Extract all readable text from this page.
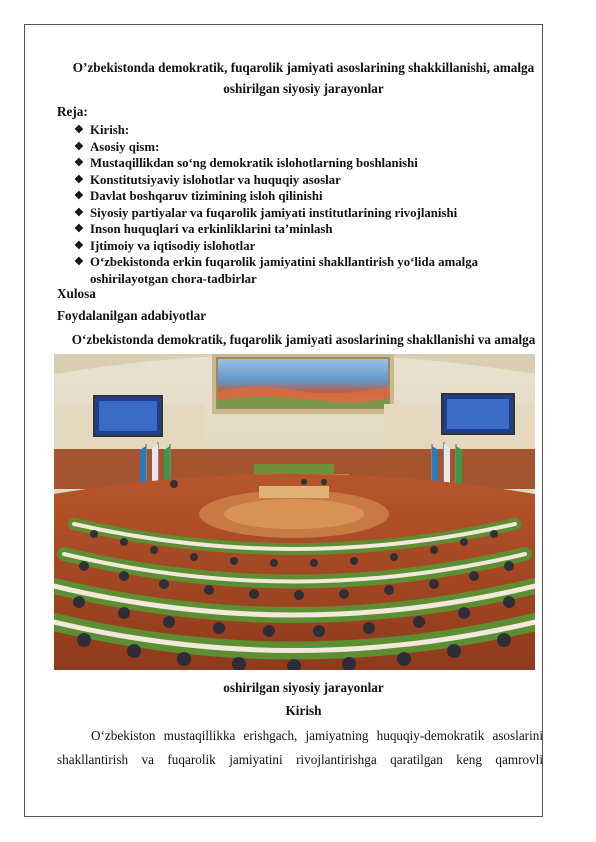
O’zbekistonda demokratik, fuqarolik jamiyati asoslarining shakkillanishi, amalga oshirilgan siyosiy jarayonlar
Reja:
❖ Kirish:
❖ Asosiy qism:
❖ Mustaqillikdan so‘ng demokratik islohotlarning boshlanishi
❖ Konstitutsiyaviy islohotlar va huquqiy asoslar
❖ Davlat boshqaruv tizimining isloh qilinishi
❖ Siyosiy partiyalar va fuqarolik jamiyati institutlarining rivojlanishi
❖ Inson huquqlari va erkinliklarini ta’minlash
❖ Ijtimoiy va iqtisodiy islohotlar
❖ O‘zbekistonda erkin fuqarolik jamiyatini shakllantirish yo‘lida amalga oshirilayotgan chora-tadbirlar
Xulosa
Foydalanilgan adabiyotlar
O‘zbekistonda demokratik, fuqarolik jamiyati asoslarining shakllanishi va amalga
oshirilgan siyosiy jarayonlar
Kirish

O‘zbekiston mustaqillikka erishgach, jamiyatning huquqiy-demokratik asoslarini shakllantirish va fuqarolik jamiyatini rivojlantirishga qaratilgan keng qamrovli
